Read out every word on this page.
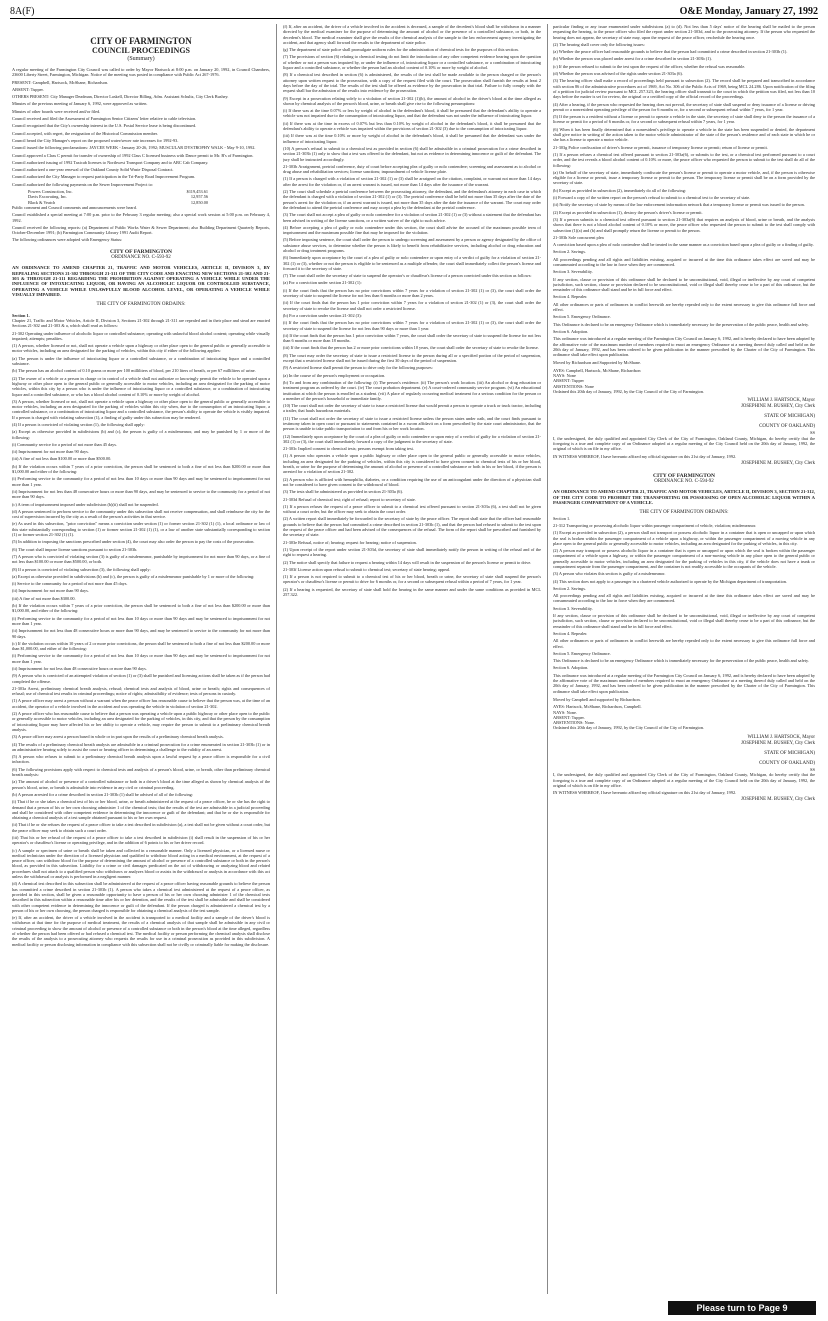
8A(F)	O&E Monday, January 27, 1992
CITY OF FARMINGTON
COUNCIL PROCEEDINGS
(Summary)

A regular meeting of the Farmington City Council was called to order by Mayor Hartsock at 8:00 p.m. on January 20, 1992, in Council Chambers, 23600 Liberty Street, Farmington, Michigan. Notice of the meeting was posted in compliance with Public Act 267-1976.

PRESENT: Campbell, Hartsock, McShane, Richardson.

ABSENT: Tupper.

OTHERS PRESENT: City Manager Deadman, Director Laskell, Director Billing, Adm. Assistant Schultz, City Clerk Bushey.

Minutes of the previous meeting of January 6, 1992, were approved as written.

Minutes of other boards were received and/or filed.

Council received and filed the Assessment of Farmington Senior Citizens' letter relative to cable television.

Council recognized that the City's ownership interest in the U.S. Postal Service lease is being discontinued.

Council accepted, with regret, the resignation of the Historical Commission member.

Council heard the City Manager's report on the proposed water/sewer rate increases for 1992-93.

Council issued the following proclamations: JAYCEE WEEK - January 20-26, 1992; MUSCULAR DYSTROPHY WALK - May 9-10, 1992.

Council approved a Class C permit for transfer of ownership of 1992 Class C licensed business with Dance permit to Mr. B's of Farmington.

Council authorized issuing of 1992 Taxicab licenses to Northwest Transport Company and to ABC Cab Company.

Council authorized a one-year renewal of the Oakland County Solid Waste Disposal Contract.

Council authorized the City Manager to request participation in the Tri-Party Road Improvement Program.

Council authorized the following payments on the Sewer Improvement Project to:

Powers Construction, Inc.	$119,453.61
Davis Excavating, Inc.	12,957.56
Black & Veatch	12,850.00

Public comment and Council comments and announcements were heard.

Council established a special meeting at 7:00 p.m. prior to the February 3 regular meeting; also a special work session at 5:00 p.m. on February 4, 1992.

Council received the following reports: (a) Department of Public Works Water & Sewer Department; also Building Department Quarterly Reports, October-December 1991; (b) Farmington Community Library 1991 Audit Report.

The following ordinances were adopted with Emergency Status:

CITY OF FARMINGTON
ORDINANCE NO. C-593-92
AN ORDINANCE TO AMEND CHAPTER 21, TRAFFIC AND MOTOR VEHICLES, ARTICLE II, DIVISION 3, BY REPEALING SECTIONS 21-302 THROUGH 21-311 OF THE CITY CODE AND ENACTING NEW SECTIONS 21-302 AND 21-303 & THROUGH 21-311 REGARDING THE PROHIBITION AGAINST OPERATING A VEHICLE WHILE UNDER THE INFLUENCE OF INTOXICATING LIQUOR, OR HAVING AN ALCOHOLIC LIQUOR OR CONTROLLED SUBSTANCE, OPERATING A VEHICLE WHILE UNLAWFULLY BLOOD ALCOHOL LEVEL, OR OPERATING A VEHICLE WHILE VISUALLY IMPAIRED.
THE CITY OF FARMINGTON ORDAINS:
Section 1.

Chapter 21, Traffic and Motor Vehicles, Article II, Division 3, Sections 21-302 through 21-311 are repealed and in their place and stead are enacted Sections 21-302 and 21-303 & a, which shall read as follows:

21-302 Operating under influence of alcoholic liquor or controlled substance; operating with unlawful blood alcohol content; operating while visually impaired; attempts; penalties.

(1) A person, whether licensed or not, shall not operate a vehicle upon a highway or other place open to the general public or generally accessible to motor vehicles, including an area designated for the parking of vehicles, within this city if either of the following applies:

(a) The person is under the influence of intoxicating liquor or a controlled substance, or a combination of intoxicating liquor and a controlled substance.

(b) The person has an alcohol content of 0.10 grams or more per 100 milliliters of blood, per 210 liters of breath, or per 67 milliliters of urine.

(2) The owner of a vehicle or a person in charge or in control of a vehicle shall not authorize or knowingly permit the vehicle to be operated upon a highway or other place open to the general public or generally accessible to motor vehicles, including an area designated for the parking of motor vehicles, within this city by a person who is under the influence of intoxicating liquor or a controlled substance, or a combination of intoxicating liquor and a controlled substance, or who has a blood alcohol content of 0.10% or more by weight of alcohol.

(3) A person, whether licensed or not, shall not operate a vehicle upon a highway or other place open to the general public or generally accessible to motor vehicles, including an area designated for the parking of vehicles within this city when, due to the consumption of an intoxicating liquor, a controlled substance, or a combination of intoxicating liquor and a controlled substance, the person's ability to operate the vehicle is visibly impaired. If a person is charged with violating subsection (1), a finding of guilty under this subsection may be rendered.

(4) If a person is convicted of violating section (1), the following shall apply:

(a) Except as otherwise provided in subdivisions (b) and (c), the person is guilty of a misdemeanor, and may be punished by 1 or more of the following:

(i) Community service for a period of not more than 45 days.

(ii) Imprisonment for not more than 90 days.

(iii) A fine of not less than $100.00 or more than $500.00.

(b) If the violation occurs within 7 years of a prior conviction, the person shall be sentenced to both a fine of not less than $200.00 or more than $1,000.00 and either of the following:

(i) Performing service to the community for a period of not less than 10 days or more than 90 days and may be sentenced to imprisonment for not more than 1 year.

(ii) Imprisonment for not less than 48 consecutive hours or more than 90 days, and may be sentenced to service to the community for a period of not more than 90 days.

(c) A term of imprisonment imposed under subdivision (b)(ii) shall not be suspended.

(d) A person sentenced to perform service to the community under this subsection shall not receive compensation, and shall reimburse the city for the cost of supervision incurred by the city as a result of the person's activities in that service.

(e) As used in this subsection, "prior conviction" means a conviction under section (1) or former section 21-302 (1) (1), a local ordinance or law of this state substantially corresponding to section (1) or former section 21-302 (1) (1), or a law of another state substantially corresponding to section (1) or former section 21-302 (1) (1).

(5) In addition to imposing the sanctions prescribed under section (4), the court may also order the person to pay the costs of the prosecution.

(6) The court shall impose license sanctions pursuant to section 21-303b.

(7) A person who is convicted of violating section (3) is guilty of a misdemeanor, punishable by imprisonment for not more than 90 days, or a fine of not less than $100.00 or more than $500.00, or both.

(8) If a person is convicted of violating subsection (3), the following shall apply:

(a) Except as otherwise provided in subdivisions (b) and (c), the person is guilty of a misdemeanor punishable by 1 or more of the following:

(i) Service to the community for a period of not more than 45 days.

(ii) Imprisonment for not more than 90 days.

(iii) A fine of not more than $300.00.

(b) If the violation occurs within 7 years of a prior conviction, the person shall be sentenced to both a fine of not less than $200.00 or more than $1,000.00, and either of the following:

(i) Performing service to the community for a period of not less than 10 days or more than 90 days and may be sentenced to imprisonment for not more than 1 year.

(ii) Imprisonment for not less than 48 consecutive hours or more than 90 days, and may be sentenced to service to the community for not more than 90 days.

(c) If the violation occurs within 10 years of 2 or more prior convictions, the person shall be sentenced to both a fine of not less than $200.00 or more than $1,000.00, and either of the following:

(i) Performing service to the community for a period of not less than 10 days or more than 90 days and may be sentenced to imprisonment for not more than 1 year.

(ii) Imprisonment for not less than 48 consecutive hours or more than 90 days.

(9) A person who is convicted of an attempted violation of section (1) or (3) shall be punished and licensing actions shall be taken as if the person had completed the offense.

21-303a Arrest, preliminary chemical breath analysis, refusal; chemical tests and analysis of blood, urine or breath; rights and consequences of refusal; use of chemical test results in criminal proceedings; notice of rights; admissibility of evidence; tests of persons in custody.

(1) A peace officer may arrest a person without a warrant when the peace officer has reasonable cause to believe that the person was, at the time of an accident, the operator of a vehicle involved in the accident and was operating the vehicle in violation of section 21-302.

(2) A peace officer who has reasonable cause to believe that a person was operating a vehicle upon a public highway or other place open to the public or generally accessible to motor vehicles, including an area designated for the parking of vehicles, in this city, and that the person by the consumption of intoxicating liquor may have affected his or her ability to operate a vehicle, may require the person to submit to a preliminary chemical breath analysis.

(3) A peace officer may arrest a person based in whole or in part upon the results of a preliminary chemical breath analysis.

(4) The results of a preliminary chemical breath analysis are admissible in a criminal prosecution for a crime enumerated in section 21-303b (1) or in an administrative hearing solely to assist the court or hearing officer in determining a challenge to the validity of an arrest.

(5) A person who refuses to submit to a preliminary chemical breath analysis upon a lawful request by a peace officer is responsible for a civil infraction.

(6) The following provisions apply with respect to chemical tests and analysis of a person's blood, urine, or breath, other than preliminary chemical breath analysis:

(a) The amount of alcohol or presence of a controlled substance or both in a driver's blood at the time alleged as shown by chemical analysis of the person's blood, urine, or breath is admissible into evidence in any civil or criminal proceeding.

(b) A person arrested for a crime described in section 21-303b (1) shall be advised of all of the following:

(i) That if he or she takes a chemical test of his or her blood, urine, or breath administered at the request of a peace officer, he or she has the right to demand that a person of his or her own choosing administer 1 of the chemical tests; that the results of the test are admissible in a judicial proceeding and shall be considered with other competent evidence in determining the innocence or guilt of the defendant; and that he or she is responsible for obtaining a chemical analysis of a test sample obtained pursuant to his or her own request.

(ii) That if he or she refuses the request of a peace officer to take a test described in subdivision (a), a test shall not be given without a court order, but the peace officer may seek to obtain such a court order.

(iii) That his or her refusal of the request of a peace officer to take a test described in subdivision (i) shall result in the suspension of his or her operator's or chauffeur's license or operating privilege, and in the addition of 6 points to his or her driver record.

(c) A sample or specimen of urine or breath shall be taken and collected in a reasonable manner. Only a licensed physician, or a licensed nurse or medical technician under the direction of a licensed physician and qualified to withdraw blood acting in a medical environment, at the request of a peace officer, can withdraw blood for the purpose of determining the amount of alcohol or presence of a controlled substance or both in the person's blood, as provided in this subsection. Liability for a crime or civil damages predicated on the act of withdrawing or analyzing blood and related procedures shall not attach to a qualified person who withdraws or analyzes blood or assists in the withdrawal or analysis in accordance with this act unless the withdrawal or analysis is performed in a negligent manner.

(d) A chemical test described in this subsection shall be administered at the request of a peace officer having reasonable grounds to believe the person has committed a crime described in section 21-303b (1). A person who takes a chemical test administered at the request of a peace officer, as provided in this section, shall be given a reasonable opportunity to have a person of his or her own choosing administer 1 of the chemical tests described in this subsection within a reasonable time after his or her detention, and the results of the test shall be admissible and shall be considered with other competent evidence in determining the innocence or guilt of the defendant. If the person charged is administered a chemical test by a person of his or her own choosing, the person charged is responsible for obtaining a chemical analysis of the test sample.

(e) If, after an accident, the driver of a vehicle involved in the accident is transported to a medical facility and a sample of the driver's blood is withdrawn at that time for the purpose of medical treatment, the results of a chemical analysis of that sample shall be admissible in any civil or criminal proceeding to show the amount of alcohol or presence of a controlled substance or both in the person's blood at the time alleged, regardless of whether the person had been offered or had refused a chemical test. The medical facility or person performing the chemical analysis shall disclose the results of the analysis to a prosecuting attorney who requests the results for use in a criminal prosecution as provided in this subdivision. A medical facility or person disclosing information in compliance with this subsection shall not be civilly or criminally liable for making the disclosure.

(f) If, after an accident, the driver of a vehicle involved in the accident is deceased, a sample of the decedent's blood shall be withdrawn in a manner directed by the medical examiner for the purpose of determining the amount of alcohol or the presence of a controlled substance, or both, in the decedent's blood. The medical examiner shall give the results of the chemical analysis of the sample to the law enforcement agency investigating the accident, and that agency shall forward the results to the department of state police.

(g) The department of state police shall promulgate uniform rules for the administration of chemical tests for the purposes of this section.

(7) The provisions of section (6) relating to chemical testing do not limit the introduction of any other competent evidence bearing upon the question of whether or not a person was impaired by, or under the influence of, intoxicating liquor or a controlled substance, or a combination of intoxicating liquor and a controlled substance, or whether the person had an alcohol content of 0.10% or more by weight of alcohol.

(8) If a chemical test described in section (6) is administered, the results of the test shall be made available to the person charged or the person's attorney upon written request to the prosecution, with a copy of the request filed with the court. The prosecution shall furnish the results at least 2 days before the day of the trial. The results of the test shall be offered as evidence by the prosecution in that trial. Failure to fully comply with the request shall bar the admission of the results into evidence by the prosecution.

(9) Except in a prosecution relating solely to a violation of section 21-302 (1)(b), the amount of alcohol in the driver's blood at the time alleged as shown by chemical analysis of the person's blood, urine, or breath shall give rise to the following presumptions:

(i) If there was at the time 0.07% or less by weight of alcohol in the defendant's blood, it shall be presumed that the defendant's ability to operate a vehicle was not impaired due to the consumption of intoxicating liquor, and that the defendant was not under the influence of intoxicating liquor.

(ii) If there was at the time in excess of 0.07% but less than 0.10% by weight of alcohol in the defendant's blood, it shall be presumed that the defendant's ability to operate a vehicle was impaired within the provisions of section 21-302 (3) due to the consumption of intoxicating liquor.

(iii) If there was at the time 0.10% or more by weight of alcohol in the defendant's blood, it shall be presumed that the defendant was under the influence of intoxicating liquor.

(10) A person's refusal to submit to a chemical test as provided in section (6) shall be admissible in a criminal prosecution for a crime described in section 21-303b (1) only to show that a test was offered to the defendant, but not as evidence in determining innocence or guilt of the defendant. The jury shall be instructed accordingly.

21-303b Arraignment, pretrial conference, duty of court before accepting plea of guilty or nolo contendere; screening and assessment as to alcohol or drug abuse and rehabilitation services; license sanctions; impoundment of vehicle license plate.

(1) If a person is charged with a violation of section 21-302 (1) or (3) shall be arraigned on the citation, complaint, or warrant not more than 14 days after the arrest for the violation or, if an arrest warrant is issued, not more than 14 days after the issuance of the warrant.

(2) The court shall schedule a pretrial conference between the prosecuting attorney, the defendant, and the defendant's attorney in each case in which the defendant is charged with a violation of section 21-302 (1) or (3). The pretrial conference shall be held not more than 35 days after the date of the person's arrest for the violation or, if an arrest warrant is issued, not more than 35 days after the date the issuance of the warrant. The court may order the defendant to attend the pretrial conference and may accept a plea by the defendant at the pretrial conference.

(3) The court shall not accept a plea of guilty or nolo contendere for a violation of section 21-302 (1) or (3) without a statement that the defendant has been advised in writing of the license sanctions, or a written waiver of the right to such advice.

(4) Before accepting a plea of guilty or nolo contendere under this section, the court shall advise the accused of the maximum possible term of imprisonment and the maximum possible fine that may be imposed for the violation.

(5) Before imposing sentence, the court shall order the person to undergo screening and assessment by a person or agency designated by the office of substance abuse services, to determine whether the person is likely to benefit from rehabilitative services, including alcohol or drug education and alcohol or drug treatment programs.

(6) Immediately upon acceptance by the court of a plea of guilty or nolo contendere or upon entry of a verdict of guilty for a violation of section 21-302 (1) or (3), whether or not the person is eligible to be sentenced as a multiple offender, the court shall immediately collect the person's license and forward it to the secretary of state.

(7) The court shall order the secretary of state to suspend the operator's or chauffeur's license of a person convicted under this section as follows:

(a) For a conviction under section 21-302 (1):

(i) If the court finds that the person has no prior convictions within 7 years for a violation of section 21-302 (1) or (3), the court shall order the secretary of state to suspend the license for not less than 6 months or more than 2 years.

(ii) If the court finds that the person has 1 prior conviction within 7 years for a violation of section 21-302 (1) or (3), the court shall order the secretary of state to revoke the license and shall not order a restricted license.

(b) For a conviction under section 21-302 (3):

(i) If the court finds that the person has no prior convictions within 7 years for a violation of section 21-302 (1) or (3), the court shall order the secretary of state to suspend the license for not less than 90 days or more than 1 year.

(ii) If the court finds that the person has 1 prior conviction within 7 years, the court shall order the secretary of state to suspend the license for not less than 6 months or more than 18 months.

(iii) If the court finds that the person has 2 or more prior convictions within 10 years, the court shall order the secretary of state to revoke the license.

(8) The court may order the secretary of state to issue a restricted license to the person during all or a specified portion of the period of suspension, except that a restricted license shall not be issued during the first 30 days of the period of suspension.

(9) A restricted license shall permit the person to drive only for the following purposes:

(a) In the course of the person's employment or occupation.

(b) To and from any combination of the following: (i) The person's residence. (ii) The person's work location. (iii) An alcohol or drug education or treatment program as ordered by the court. (iv) The court probation department. (v) A court-ordered community service program. (vi) An educational institution at which the person is enrolled as a student. (vii) A place of regularly occurring medical treatment for a serious condition for the person or a member of the person's household or immediate family.

(10) The court shall not order the secretary of state to issue a restricted license that would permit a person to operate a truck or truck tractor, including a trailer, that hauls hazardous materials.

(11) The court shall not order the secretary of state to issue a restricted license unless the person states under oath, and the court finds pursuant to testimony taken in open court or pursuant to statements contained in a sworn affidavit on a form prescribed by the state court administrator, that the person is unable to take public transportation to and from his or her work location.

(12) Immediately upon acceptance by the court of a plea of guilty or nolo contendere or upon entry of a verdict of guilty for a violation of section 21-302 (1) or (3), the court shall immediately forward a copy of the judgment to the secretary of state.

21-303c Implied consent to chemical tests; persons exempt from taking test.

(1) A person who operates a vehicle upon a public highway or other place open to the general public or generally accessible to motor vehicles, including an area designated for the parking of vehicles, within this city is considered to have given consent to chemical tests of his or her blood, breath, or urine for the purpose of determining the amount of alcohol or presence of a controlled substance or both in his or her blood, if the person is arrested for a violation of section 21-302.

(2) A person who is afflicted with hemophilia, diabetes, or a condition requiring the use of an anticoagulant under the direction of a physician shall not be considered to have given consent to the withdrawal of blood.

(3) The tests shall be administered as provided in section 21-303a (6).

21-303d Refusal of chemical test; right of refusal; report to secretary of state.

(1) If a person refuses the request of a peace officer to submit to a chemical test offered pursuant to section 21-303a (6), a test shall not be given without a court order, but the officer may seek to obtain the court order.

(2) A written report shall immediately be forwarded to the secretary of state by the peace officer. The report shall state that the officer had reasonable grounds to believe that the person had committed a crime described in section 21-303b (1), and that the person had refused to submit to the test upon the request of the peace officer and had been advised of the consequences of the refusal. The form of the report shall be prescribed and furnished by the secretary of state.

21-303e Refusal, notice of; hearing; request for hearing; notice of suspension.

(1) Upon receipt of the report under section 21-303d, the secretary of state shall immediately notify the person in writing of the refusal and of the right to request a hearing.

(2) The notice shall specify that failure to request a hearing within 14 days will result in the suspension of the person's license or permit to drive.

21-303f License action upon refusal to submit to chemical test; secretary of state hearing; appeal.

(1) If a person is not required to submit to a chemical test of his or her blood, breath or urine, the secretary of state shall suspend the person's operator's or chauffeur's license or permit to drive for 6 months or, for a second or subsequent refusal within a period of 7 years, for 1 year.

(2) If a hearing is requested, the secretary of state shall hold the hearing in the same manner and under the same conditions as provided in MCL 257.322.

particular finding or any issue enumerated under subdivisions (a) to (d). Not less than 5 days' notice of the hearing shall be mailed to the person requesting the hearing, to the peace officer who filed the report under section 21-303d, and to the prosecuting attorney. If the person who requested the hearing does not appear, the secretary of state may, upon the request of the peace officer, reschedule the hearing once.

(2) The hearing shall cover only the following issues:

(a) Whether the peace officer had reasonable grounds to believe that the person had committed a crime described in section 21-303b (1).

(b) Whether the person was placed under arrest for a crime described in section 21-303b (1).

(c) If the person refused to submit to the test upon the request of the officer, whether the refusal was reasonable.

(d) Whether the person was advised of the rights under section 21-303a (6).

(3) The hearing officer shall make a record of proceedings held pursuant to subsection (2). The record shall be prepared and transcribed in accordance with section 86 of the administrative procedures act of 1969, Act No. 306 of the Public Acts of 1969, being MCL 24.286. Upon notification of the filing of a petition for judicial review pursuant to MCL 257.323, the hearing officer shall transmit to the court in which the petition was filed, not less than 10 days before the matter is set for review, the original or a certified copy of the official record of the proceedings.

(4) After a hearing, if the person who requested the hearing does not prevail, the secretary of state shall suspend or deny issuance of a license or driving permit or a nonresident operating privilege of the person for 6 months or, for a second or subsequent refusal within 7 years, for 1 year.

(5) If the person is a resident without a license or permit to operate a vehicle in the state, the secretary of state shall deny to the person the issuance of a license or permit for a period of 6 months or, for a second or subsequent refusal within 7 years, for 1 year.

(6) When it has been finally determined that a nonresident's privilege to operate a vehicle in the state has been suspended or denied, the department shall give notice in writing of the action taken to the motor vehicle administrator of the state of the person's residence and of each state in which he or she has a license to operate a motor vehicle.

21-303g Police confiscation of driver's license or permit, issuance of temporary license or permit; return of license or permit.

(1) If a person refuses a chemical test offered pursuant to section 21-303a(6), or submits to the test, or a chemical test performed pursuant to a court order, and the test reveals a blood alcohol content of 0.10% or more, the peace officer who requested the person to submit to the test shall do all of the following:

(a) On behalf of the secretary of state, immediately confiscate the person's license or permit to operate a motor vehicle, and, if the person is otherwise eligible for a license or permit, issue a temporary license or permit to the person. The temporary license or permit shall be on a form provided by the secretary of state.

(b) Except as provided in subsection (2), immediately do all of the following:

(i) Forward a copy of the written report on the person's refusal to submit to a chemical test to the secretary of state.

(ii) Notify the secretary of state by means of the law enforcement information network that a temporary license or permit was issued to the person.

(2) Except as provided in subsection (1), destroy the person's driver's license or permit.

(3) If a person submits to a chemical test offered pursuant to section 21-303a(6) that requires an analysis of blood, urine or breath, and the analysis shows that there is not a blood alcohol content of 0.10% or more, the peace officer who requested the person to submit to the test shall comply with subsection (1)(a) and (b) and shall promptly return the license or permit to the person.

21-303h Sole concurrent plea

A conviction based upon a plea of nolo contendere shall be treated in the same manner as a conviction based upon a plea of guilty or a finding of guilty.

Section 2. Savings.

All proceedings pending and all rights and liabilities existing, acquired or incurred at the time this ordinance takes effect are saved and may be consummated according to the law in force when they are commenced.

Section 3. Severability.

If any section, clause or provision of this ordinance shall be declared to be unconstitutional, void, illegal or ineffective by any court of competent jurisdiction, such section, clause or provision declared to be unconstitutional, void or illegal shall thereby cease to be a part of this ordinance, but the remainder of this ordinance shall stand and be in full force and effect.

Section 4. Repealer.

All other ordinances or parts of ordinances in conflict herewith are hereby repealed only to the extent necessary to give this ordinance full force and effect.

Section 5. Emergency Ordinance.

This Ordinance is declared to be an emergency Ordinance which is immediately necessary for the preservation of the public peace, health and safety.

Section 6. Adoption.

This ordinance was introduced at a regular meeting of the Farmington City Council on January 6, 1992, and is hereby declared to have been adopted by the affirmative vote of the maximum number of members required to enact an emergency Ordinance at a meeting thereof duly called and held on the 20th day of January, 1992, and has been ordered to be given publication in the manner prescribed by the Charter of the City of Farmington. This ordinance shall take effect upon publication.

Moved by Richardson and Supported by McShane.

AYES: Campbell, Hartsock, McShane, Richardson
NAYS: None
ABSENT: Tupper
ABSTENTIONS: None

Ordained this 20th day of January, 1992, by the City Council of the City of Farmington.

WILLIAM J. HARTSOCK, Mayor
JOSEPHINE M. BUSHEY, City Clerk
STATE OF MICHIGAN)
COUNTY OF OAKLAND)
SS

I, the undersigned, the duly qualified and appointed City Clerk of the City of Farmington, Oakland County, Michigan, do hereby certify that the foregoing is a true and complete copy of an Ordinance adopted at a regular meeting of the City Council held on the 20th day of January, 1992, the original of which is on file in my office.

IN WITNESS WHEREOF, I have hereunto affixed my official signature on this 21st day of January, 1992.

JOSEPHINE M. BUSHEY, City Clerk
CITY OF FARMINGTON
ORDINANCE NO. C-594-92
AN ORDINANCE TO AMEND CHAPTER 21, TRAFFIC AND MOTOR VEHICLES, ARTICLE II, DIVISION 3, SECTION 21-312, OF THE CITY CODE TO PROHIBIT THE TRANSPORTING OR POSSESSING OF OPEN ALCOHOLIC LIQUOR WITHIN A PASSENGER COMPARTMENT OF A VEHICLE.
THE CITY OF FARMINGTON ORDAINS:

Section 1.

21-312 Transporting or possessing alcoholic liquor within passenger compartment of vehicle, violation; misdemeanor.

(1) Except as provided in subsection (2), a person shall not transport or possess alcoholic liquor in a container that is open or uncapped or upon which the seal is broken within the passenger compartment of a vehicle upon a highway, or within the passenger compartment of a moving vehicle in any place open to the general public or generally accessible to motor vehicles, including an area designated for the parking of vehicles, in this city.

(2) A person may transport or possess alcoholic liquor in a container that is open or uncapped or upon which the seal is broken within the passenger compartment of a vehicle upon a highway, or within the passenger compartment of a non-moving vehicle in any place open to the general public or generally accessible to motor vehicles, including an area designated for the parking of vehicles in this city, if the vehicle does not have a trunk or compartment separate from the passenger compartment, and the container is not readily accessible to the occupants of the vehicle.

(3) A person who violates this section is guilty of a misdemeanor.

(4) This section does not apply to a passenger in a chartered vehicle authorized to operate by the Michigan department of transportation.

Section 2. Savings.

All proceedings pending and all rights and liabilities existing, acquired or incurred at the time this ordinance takes effect are saved and may be consummated according to the law in force when they are commenced.

Section 3. Severability.

If any section, clause or provision of this ordinance shall be declared to be unconstitutional, void, illegal or ineffective by any court of competent jurisdiction, such section, clause or provision declared to be unconstitutional, void or illegal shall thereby cease to be a part of this ordinance, but the remainder of this ordinance shall stand and be in full force and effect.

Section 4. Repealer.

All other ordinances or parts of ordinances in conflict herewith are hereby repealed only to the extent necessary to give this ordinance full force and effect.

Section 5. Emergency Ordinance.

This Ordinance is declared to be an emergency Ordinance which is immediately necessary for the preservation of the public peace, health and safety.

Section 6. Adoption.

This ordinance was introduced at a regular meeting of the Farmington City Council on January 6, 1992, and is hereby declared to have been adopted by the affirmative vote of the maximum number of members required to enact an emergency Ordinance at a meeting thereof duly called and held on the 20th day of January, 1992, and has been ordered to be given publication in the manner prescribed by the Charter of the City of Farmington. This ordinance shall take effect upon publication.

Moved by Campbell and supported by Richardson.

AYES: Hartsock, McShane, Richardson, Campbell.
NAYS: None.
ABSENT: Tupper.
ABSTENTIONS: None.

Ordained this 20th day of January, 1992, by the City Council of the City of Farmington.

WILLIAM J. HARTSOCK, Mayor
JOSEPHINE M. BUSHEY, City Clerk
STATE OF MICHIGAN)
COUNTY OF OAKLAND)
SS

I, the undersigned, the duly qualified and appointed City Clerk of the City of Farmington, Oakland County, Michigan, do hereby certify that the foregoing is a true and complete copy of an Ordinance adopted at a regular meeting of the City Council held on the 20th day of January, 1992, the original of which is on file in my office.

IN WITNESS WHEREOF, I have hereunto affixed my official signature on this 21st day of January, 1992.

JOSEPHINE M. BUSHEY, City Clerk
Please turn to Page 9
